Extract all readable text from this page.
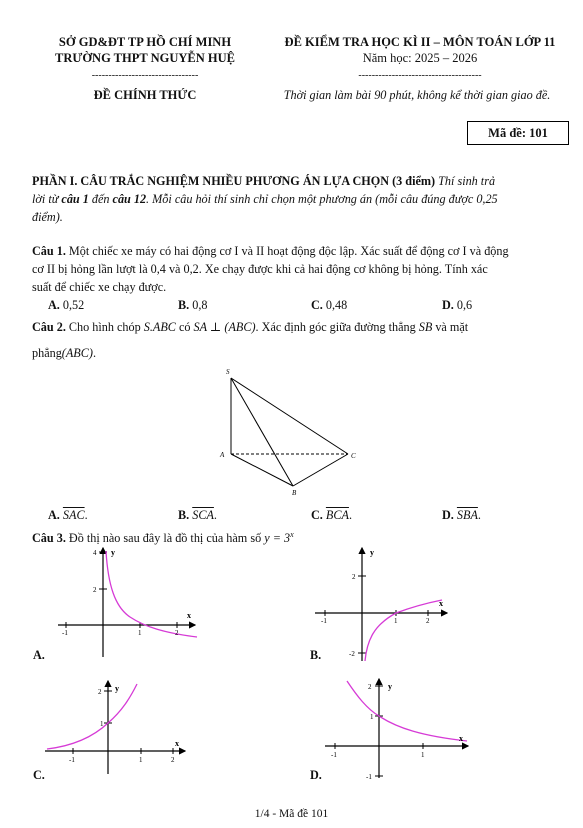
SỞ GD&ĐT TP HỒ CHÍ MINH
TRƯỜNG THPT NGUYỄN HUỆ
--------------------------------
ĐỀ CHÍNH THỨC
ĐỀ KIỂM TRA HỌC KÌ II – MÔN TOÁN LỚP 11
Năm học: 2025 – 2026
-------------------------------------
Thời gian làm bài 90 phút, không kể thời gian giao đề.
Mã đề: 101
PHẦN I. CÂU TRẮC NGHIỆM NHIỀU PHƯƠNG ÁN LỰA CHỌN (3 điểm) Thí sinh trả
lời từ câu 1 đến câu 12. Mỗi câu hỏi thí sinh chỉ chọn một phương án (mỗi câu đúng được 0,25
điểm).
Câu 1. Một chiếc xe máy có hai động cơ I và II hoạt động độc lập. Xác suất để động cơ I và động
cơ II bị hỏng lần lượt là 0,4 và 0,2. Xe chạy được khi cả hai động cơ không bị hỏng. Tính xác
suất để chiếc xe chạy được.
A. 0,52	B. 0,8	C. 0,48	D. 0,6
Câu 2. Cho hình chóp S.ABC có SA ⊥ (ABC). Xác định góc giữa đường thẳng SB và mặt
phẳng(ABC).
S
A
B
C
A. $\overline{SAC}$.	B. $\overline{SCA}$.	C. $\overline{BCA}$.	D. $\overline{SBA}$.
Câu 3. Đồ thị nào sau đây là đồ thị của hàm số $y = 3^x$
4
2
-1	1	2
x
y
A.
2
-2
-1	1	2
x
y
B.
2
1
-1	1	2
x
y
C.
2
1
-1
-1	1
x
y
D.
1/4 - Mã đề 101
